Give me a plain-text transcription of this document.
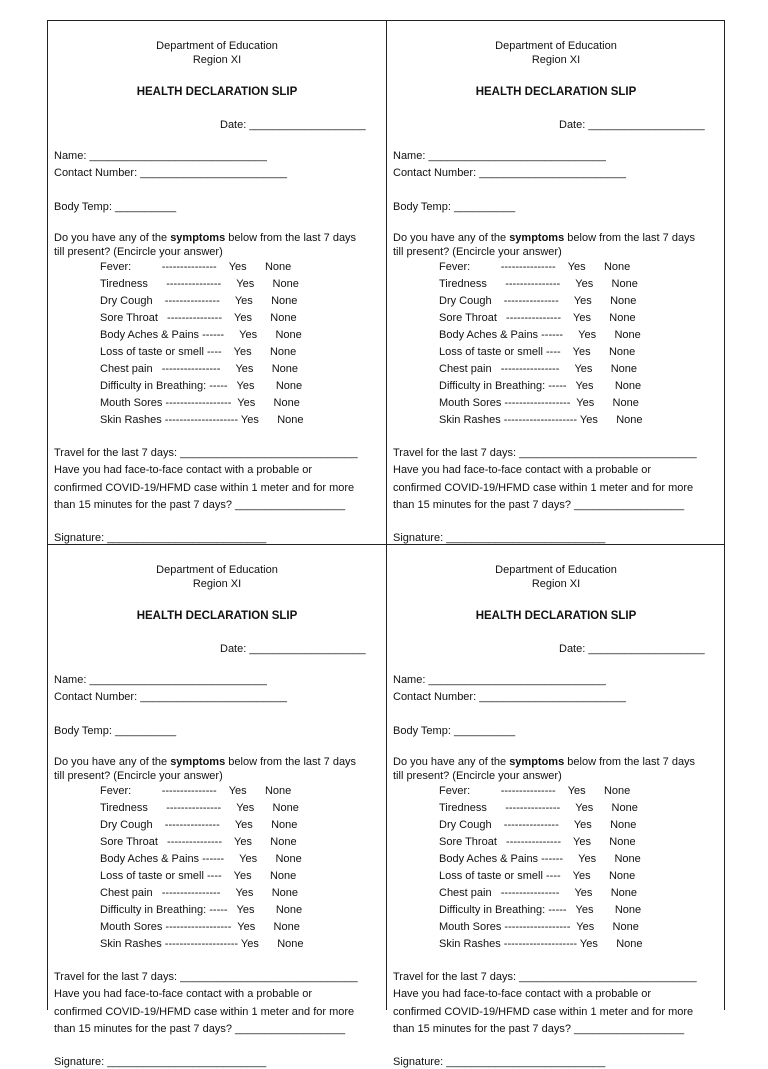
Department of Education
Region XI
HEALTH DECLARATION SLIP
Date: ___________________
Name: _____________________________
Contact Number: ________________________
Body Temp: __________
Do you have any of the symptoms below from the last 7 days
till present? (Encircle your answer)
Fever:          ---------------    Yes      None
Tiredness      ---------------     Yes      None
Dry Cough    ---------------     Yes      None
Sore Throat   ---------------    Yes      None
Body Aches & Pains ------     Yes      None
Loss of taste or smell ----    Yes      None
Chest pain   ----------------     Yes      None
Difficulty in Breathing: -----   Yes       None
Mouth Sores ------------------  Yes      None
Skin Rashes -------------------- Yes      None
Travel for the last 7 days: _____________________________
Have you had face-to-face contact with a probable or
confirmed COVID-19/HFMD case within 1 meter and for more
than 15 minutes for the past 7 days? __________________
Signature: __________________________
Department of Education
Region XI
HEALTH DECLARATION SLIP
Date: ___________________
Name: _____________________________
Contact Number: ________________________
Body Temp: __________
Do you have any of the symptoms below from the last 7 days
till present? (Encircle your answer)
Fever:          ---------------    Yes      None
Tiredness      ---------------     Yes      None
Dry Cough    ---------------     Yes      None
Sore Throat   ---------------    Yes      None
Body Aches & Pains ------     Yes      None
Loss of taste or smell ----    Yes      None
Chest pain   ----------------     Yes      None
Difficulty in Breathing: -----   Yes       None
Mouth Sores ------------------  Yes      None
Skin Rashes -------------------- Yes      None
Travel for the last 7 days: _____________________________
Have you had face-to-face contact with a probable or
confirmed COVID-19/HFMD case within 1 meter and for more
than 15 minutes for the past 7 days? __________________
Signature: __________________________
Department of Education
Region XI
HEALTH DECLARATION SLIP
Date: ___________________
Name: _____________________________
Contact Number: ________________________
Body Temp: __________
Do you have any of the symptoms below from the last 7 days
till present? (Encircle your answer)
Fever:          ---------------    Yes      None
Tiredness      ---------------     Yes      None
Dry Cough    ---------------     Yes      None
Sore Throat   ---------------    Yes      None
Body Aches & Pains ------     Yes      None
Loss of taste or smell ----    Yes      None
Chest pain   ----------------     Yes      None
Difficulty in Breathing: -----   Yes       None
Mouth Sores ------------------  Yes      None
Skin Rashes -------------------- Yes      None
Travel for the last 7 days: _____________________________
Have you had face-to-face contact with a probable or
confirmed COVID-19/HFMD case within 1 meter and for more
than 15 minutes for the past 7 days? __________________
Signature: __________________________
Department of Education
Region XI
HEALTH DECLARATION SLIP
Date: ___________________
Name: _____________________________
Contact Number: ________________________
Body Temp: __________
Do you have any of the symptoms below from the last 7 days
till present? (Encircle your answer)
Fever:          ---------------    Yes      None
Tiredness      ---------------     Yes      None
Dry Cough    ---------------     Yes      None
Sore Throat   ---------------    Yes      None
Body Aches & Pains ------     Yes      None
Loss of taste or smell ----    Yes      None
Chest pain   ----------------     Yes      None
Difficulty in Breathing: -----   Yes       None
Mouth Sores ------------------  Yes      None
Skin Rashes -------------------- Yes      None
Travel for the last 7 days: _____________________________
Have you had face-to-face contact with a probable or
confirmed COVID-19/HFMD case within 1 meter and for more
than 15 minutes for the past 7 days? __________________
Signature: __________________________
